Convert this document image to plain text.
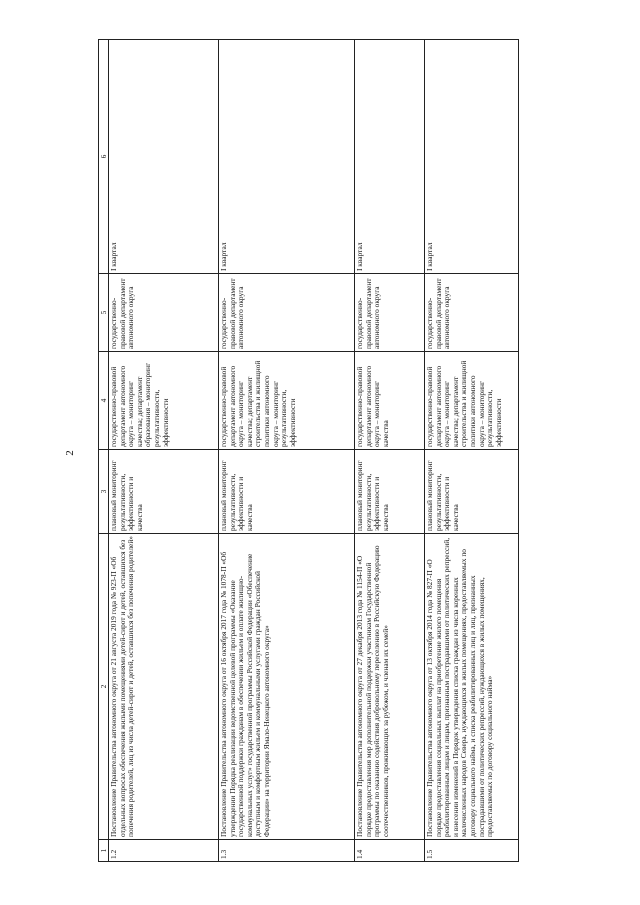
2
1	2	3	4	5	6
1.2	Постановление Правительства автономного округа от 21 августа 2019 года № 923-П «Об отдельных вопросах обеспечения жилыми помещениями детей-сирот и детей, оставшихся без попечения родителей, лиц из числа детей-сирот и детей, оставшихся без попечения родителей»	плановый мониторинг результативности, эффективности и качества	государственно-правовой департамент автономного округа – мониторинг качества; департамент образования – мониторинг результативности, эффективности	государственно-правовой департамент автономного округа	I квартал
1.3	Постановление Правительства автономного округа от 16 октября 2017 года № 1078-П «Об утверждении Порядка реализации ведомственной целевой программы «Оказание государственной поддержки гражданам в обеспечении жильем и оплате жилищно-коммунальных услуг» государственной программы Российской Федерации «Обеспечение доступным и комфортным жильем и коммунальными услугами граждан Российской Федерации» на территории Ямало-Ненецкого автономного округа»	плановый мониторинг результативности, эффективности и качества	государственно-правовой департамент автономного округа – мониторинг качества; департамент строительства и жилищной политики автономного округа – мониторинг результативности, эффективности	государственно-правовой департамент автономного округа	I квартал
1.4	Постановление Правительства автономного округа от 27 декабря 2013 года № 1154-П «О порядке предоставления мер дополнительной поддержки участникам Государственной программы по оказанию содействия добровольному переселению в Российскую Федерацию соотечественников, проживающих за рубежом, и членам их семей»	плановый мониторинг результативности, эффективности и качества	государственно-правовой департамент автономного округа – мониторинг качества	государственно-правовой департамент автономного округа	I квартал
1.5	Постановление Правительства автономного округа от 13 октября 2014 года № 827-П «О порядке предоставления социальных выплат на приобретение жилого помещения реабилитированным лицам и лицам, признанным пострадавшими от политических репрессий, и внесении изменений в Порядок утверждения списка граждан из числа коренных малочисленных народов Севера, нуждающихся в жилых помещениях, предоставляемых по договору социального найма, и списка реабилитированных лиц и лиц, признанных пострадавшими от политических репрессий, нуждающихся в жилых помещениях, предоставляемых по договору социального найма»	плановый мониторинг результативности, эффективности и качества	государственно-правовой департамент автономного округа – мониторинг качества; департамент строительства и жилищной политики автономного округа – мониторинг результативности, эффективности	государственно-правовой департамент автономного округа	I квартал
